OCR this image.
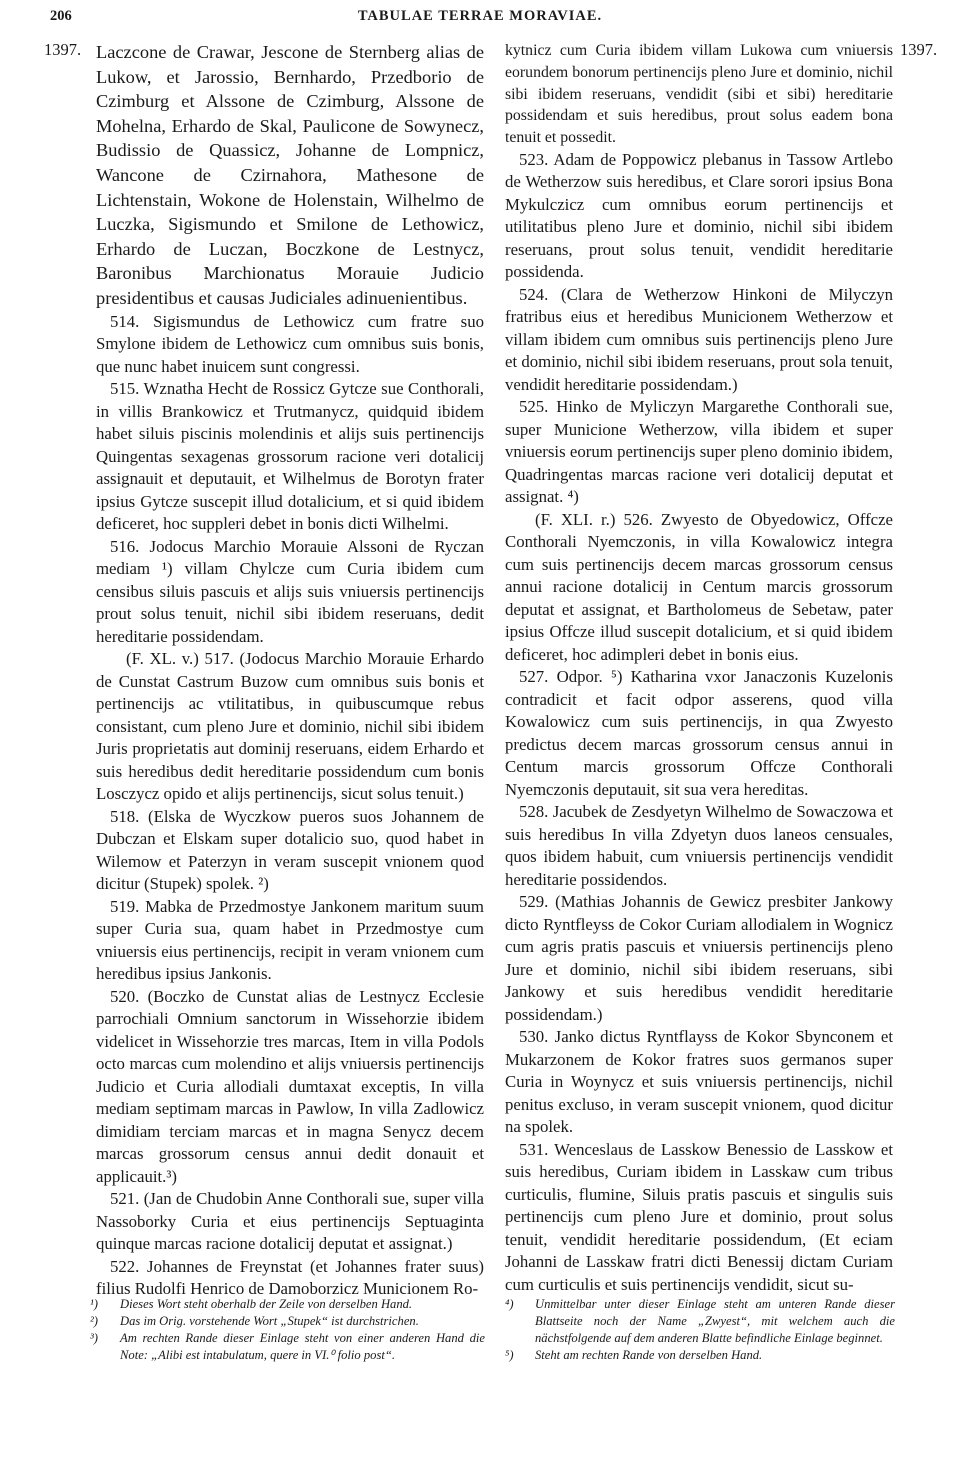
206	TABULAE TERRAE MORAVIAE.
1397.	1397.

Laczcone de Crawar, Jescone de Sternberg alias de Lukow, et Jarossio, Bernhardo, Przedborio de Czimburg et Alssone de Czimburg, Alssone de Mohelna, Erhardo de Skal, Paulicone de Sowynecz, Budissio de Quassicz, Johanne de Lompnicz, Wancone de Czirnahora, Mathesone de Lichtenstain, Wokone de Holenstain, Wilhelmo de Luczka, Sigismundo et Smilone de Lethowicz, Erhardo de Luczan, Boczkone de Lestnycz, Baronibus Marchionatus Morauie Judicio presidentibus et causas Judiciales adinuenientibus.

514. Sigismundus de Lethowicz cum fratre suo Smylone ibidem de Lethowicz cum omnibus suis bonis, que nunc habet inuicem sunt congressi.

515. Wznatha Hecht de Rossicz Gytcze sue Conthorali, in villis Brankowicz et Trutmanycz, quidquid ibidem habet siluis piscinis molendinis et alijs suis pertinencijs Quingentas sexagenas grossorum racione veri dotalicij assignauit et deputauit, et Wilhelmus de Borotyn frater ipsius Gytcze suscepit illud dotalicium, et si quid ibidem deficeret, hoc suppleri debet in bonis dicti Wilhelmi.

516. Jodocus Marchio Morauie Alssoni de Ryczan mediam ¹) villam Chylcze cum Curia ibidem cum censibus siluis pascuis et alijs suis vniuersis pertinencijs prout solus tenuit, nichil sibi ibidem reseruans, dedit hereditarie possidendam.

(F. XL. v.) 517. (Jodocus Marchio Morauie Erhardo de Cunstat Castrum Buzow cum omnibus suis bonis et pertinencijs ac vtilitatibus, in quibuscumque rebus consistant, cum pleno Jure et dominio, nichil sibi ibidem Juris proprietatis aut dominij reseruans, eidem Erhardo et suis heredibus dedit hereditarie possidendum cum bonis Losczycz opido et alijs pertinencijs, sicut solus tenuit.)

518. (Elska de Wyczkow pueros suos Johannem de Dubczan et Elskam super dotalicio suo, quod habet in Wilemow et Paterzyn in veram suscepit vnionem quod dicitur (Stupek) spolek. ²)

519. Mabka de Przedmostye Jankonem maritum suum super Curia sua, quam habet in Przedmostye cum vniuersis eius pertinencijs, recipit in veram vnionem cum heredibus ipsius Jankonis.

520. (Boczko de Cunstat alias de Lestnycz Ecclesie parrochiali Omnium sanctorum in Wissehorzie ibidem videlicet in Wissehorzie tres marcas, Item in villa Podols octo marcas cum molendino et alijs vniuersis pertinencijs Judicio et Curia allodiali dumtaxat exceptis, In villa mediam septimam marcas in Pawlow, In villa Zadlowicz dimidiam terciam marcas et in magna Senycz decem marcas grossorum census annui dedit donauit et applicauit.³)

521. (Jan de Chudobin Anne Conthorali sue, super villa Nassoborky Curia et eius pertinencijs Septuaginta quinque marcas racione dotalicij deputat et assignat.)

522. Johannes de Freynstat (et Johannes frater suus) filius Rudolfi Henrico de Damoborzicz Municionem Ro-

kytnicz cum Curia ibidem villam Lukowa cum vniuersis eorundem bonorum pertinencijs pleno Jure et dominio, nichil sibi ibidem reseruans, vendidit (sibi et sibi) hereditarie possidendam et suis heredibus, prout solus eadem bona tenuit et possedit.

523. Adam de Poppowicz plebanus in Tassow Artlebo de Wetherzow suis heredibus, et Clare sorori ipsius Bona Mykulczicz cum omnibus eorum pertinencijs et utilitatibus pleno Jure et dominio, nichil sibi ibidem reseruans, prout solus tenuit, vendidit hereditarie possidenda.

524. (Clara de Wetherzow Hinkoni de Milyczyn fratribus eius et heredibus Municionem Wetherzow et villam ibidem cum omnibus suis pertinencijs pleno Jure et dominio, nichil sibi ibidem reseruans, prout sola tenuit, vendidit hereditarie possidendam.)

525. Hinko de Myliczyn Margarethe Conthorali sue, super Municione Wetherzow, villa ibidem et super vniuersis eorum pertinencijs super pleno dominio ibidem, Quadringentas marcas racione veri dotalicij deputat et assignat. ⁴)

(F. XLI. r.) 526. Zwyesto de Obyedowicz, Offcze Conthorali Nyemczonis, in villa Kowalowicz integra cum suis pertinencijs decem marcas grossorum census annui racione dotalicij in Centum marcis grossorum deputat et assignat, et Bartholomeus de Sebetaw, pater ipsius Offcze illud suscepit dotalicium, et si quid ibidem deficeret, hoc adimpleri debet in bonis eius.

527. Odpor. ⁵) Katharina vxor Janaczonis Kuzelonis contradicit et facit odpor asserens, quod villa Kowalowicz cum suis pertinencijs, in qua Zwyesto predictus decem marcas grossorum census annui in Centum marcis grossorum Offcze Conthorali Nyemczonis deputauit, sit sua vera hereditas.

528. Jacubek de Zesdyetyn Wilhelmo de Sowaczowa et suis heredibus In villa Zdyetyn duos laneos censuales, quos ibidem habuit, cum vniuersis pertinencijs vendidit hereditarie possidendos.

529. (Mathias Johannis de Gewicz presbiter Jankowy dicto Ryntfleyss de Cokor Curiam allodialem in Wognicz cum agris pratis pascuis et vniuersis pertinencijs pleno Jure et dominio, nichil sibi ibidem reseruans, sibi Jankowy et suis heredibus vendidit hereditarie possidendam.)

530. Janko dictus Ryntflayss de Kokor Sbynconem et Mukarzonem de Kokor fratres suos germanos super Curia in Woynycz et suis vniuersis pertinencijs, nichil penitus excluso, in veram suscepit vnionem, quod dicitur na spolek.

531. Wenceslaus de Lasskow Benessio de Lasskow et suis heredibus, Curiam ibidem in Lasskaw cum tribus curticulis, flumine, Siluis pratis pascuis et singulis suis pertinencijs cum pleno Jure et dominio, prout solus tenuit, vendidit hereditarie possidendum, (Et eciam Johanni de Lasskaw fratri dicti Benessij dictam Curiam cum curticulis et suis pertinencijs vendidit, sicut su-

¹)	Dieses Wort steht oberhalb der Zeile von derselben Hand.
²)	Das im Orig. vorstehende Wort „Stupek“ ist durchstrichen.
³)	Am rechten Rande dieser Einlage steht von einer anderen Hand die Note: „Alibi est intabulatum, quere in VI.⁰ folio post“.
⁴)	Unmittelbar unter dieser Einlage steht am unteren Rande dieser Blattseite noch der Name „Zwyest“, mit welchem auch die nächstfolgende auf dem anderen Blatte befindliche Einlage beginnet.
⁵)	Steht am rechten Rande von derselben Hand.
